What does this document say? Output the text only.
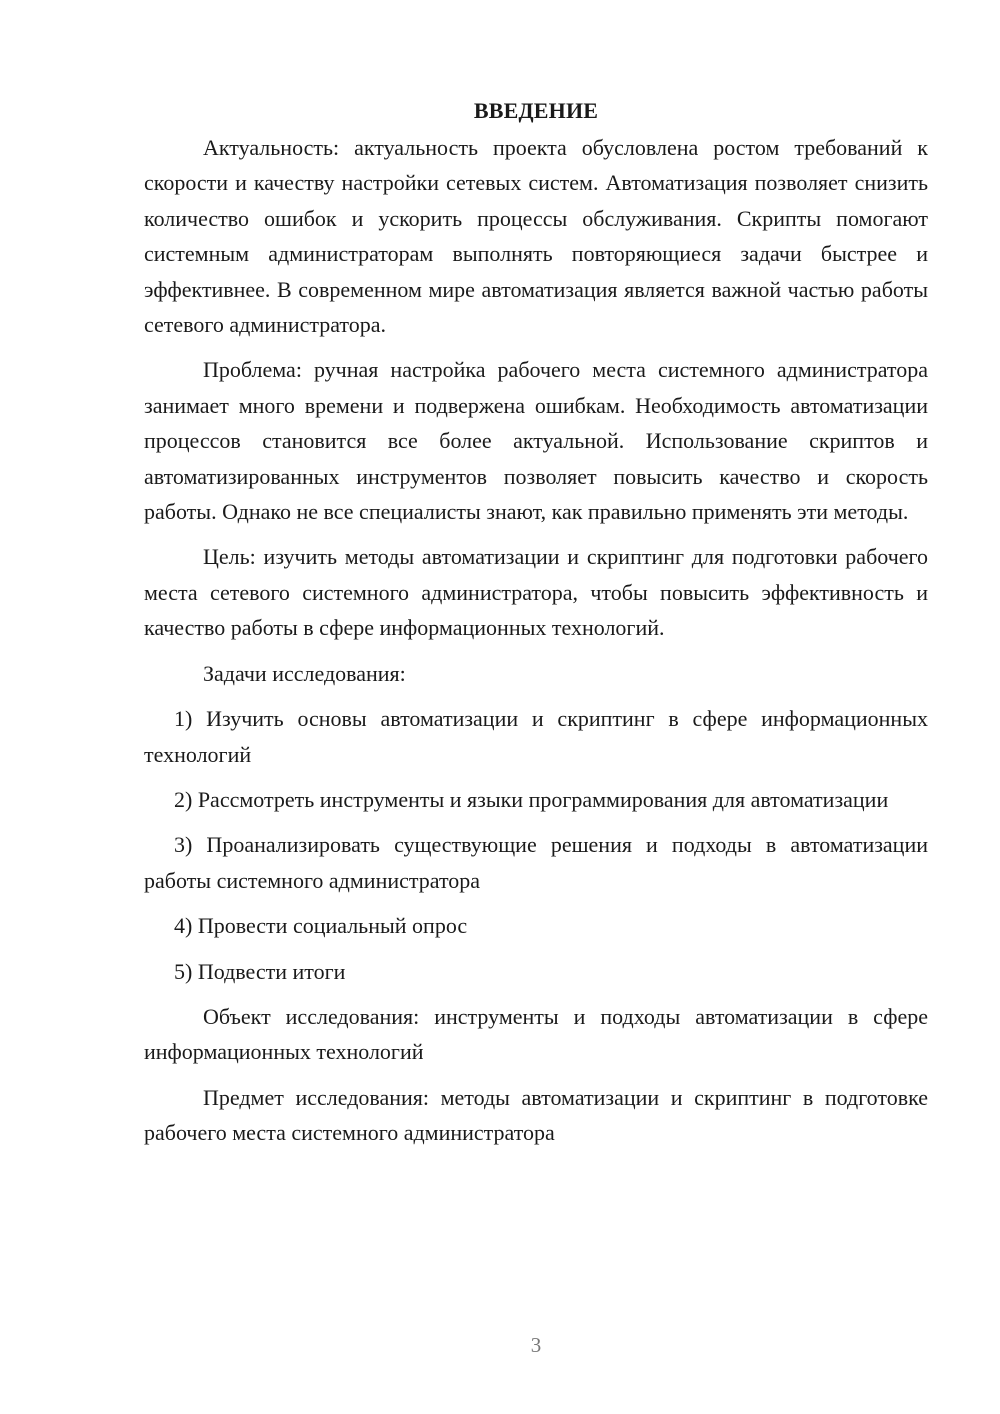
ВВЕДЕНИЕ

Актуальность: актуальность проекта обусловлена ростом требований к скорости и качеству настройки сетевых систем. Автоматизация позволяет снизить количество ошибок и ускорить процессы обслуживания. Скрипты помогают системным администраторам выполнять повторяющиеся задачи быстрее и эффективнее. В современном мире автоматизация является важной частью работы сетевого администратора.

Проблема: ручная настройка рабочего места системного администратора занимает много времени и подвержена ошибкам. Необходимость автоматизации процессов становится все более актуальной. Использование скриптов и автоматизированных инструментов позволяет повысить качество и скорость работы. Однако не все специалисты знают, как правильно применять эти методы.

Цель: изучить методы автоматизации и скриптинг для подготовки рабочего места сетевого системного администратора, чтобы повысить эффективность и качество работы в сфере информационных технологий.

Задачи исследования:

1) Изучить основы автоматизации и скриптинг в сфере информационных технологий

2) Рассмотреть инструменты и языки программирования для автоматизации

3) Проанализировать существующие решения и подходы в автоматизации работы системного администратора

4) Провести социальный опрос

5) Подвести итоги

Объект исследования: инструменты и подходы автоматизации в сфере информационных технологий

Предмет исследования: методы автоматизации и скриптинг в подготовке рабочего места системного администратора

3
